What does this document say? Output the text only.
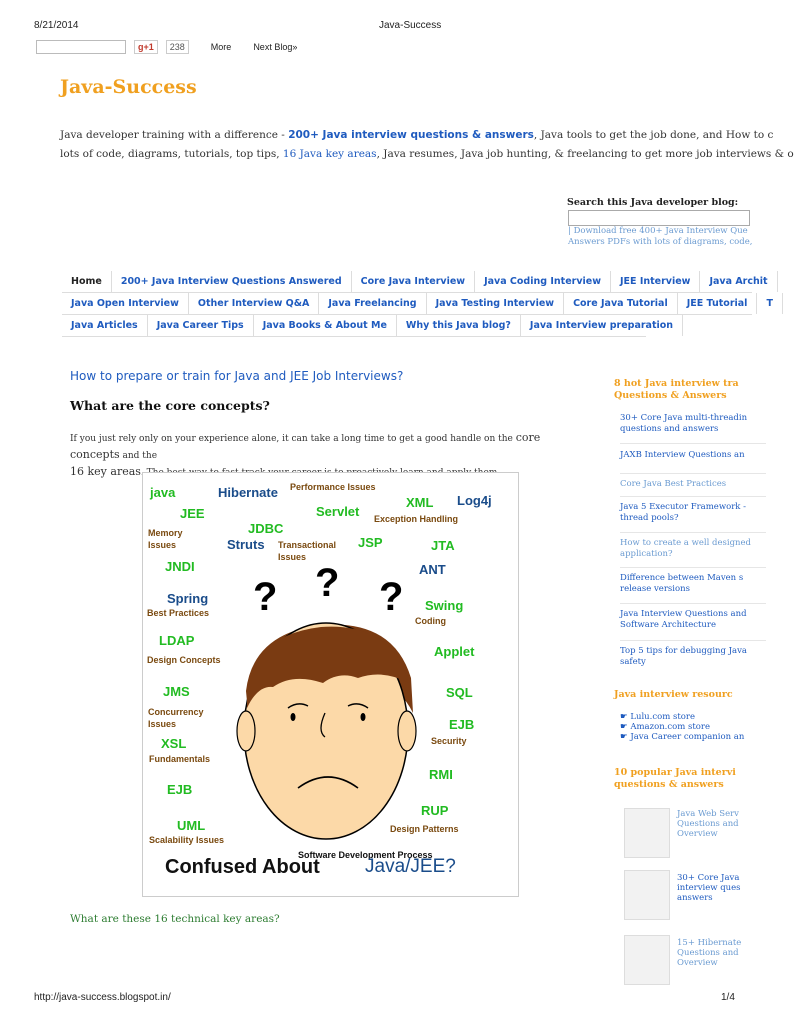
8/21/2014	Java-Success
g+1	238	More Next Blog»
Java-Success
Java developer training with a difference - 200+ Java interview questions & answers, Java tools to get the job done, and How to c
lots of code, diagrams, tutorials, top tips, 16 Java key areas, Java resumes, Java job hunting, & freelancing to get more job interviews & o
Search this Java developer blog:
| Download free 400+ Java Interview Que
Answers PDFs with lots of diagrams, code,
Home	200+ Java Interview Questions Answered	Core Java Interview	Java Coding Interview	JEE Interview	Java Archit
Java Open Interview	Other Interview Q&A	Java Freelancing	Java Testing Interview	Core Java Tutorial	JEE Tutorial	T
Java Articles	Java Career Tips	Java Books & About Me	Why this Java blog?	Java Interview preparation
How to prepare or train for Java and JEE Job Interviews?
What are the core concepts?
If you just rely only on your experience alone, it can take a long time to get a good handle on the core concepts and the
16 key areas
? ? ?
java	Hibernate Performance Issues
XML Log4j
JEE	Servlet Exception Handling
Memory
Issues
JDBC
Struts Transactional
Issues
JSP	JTA
JNDI	ANT
Spring
Best Practices	Swing
Coding
LDAP
Applet
Design Concepts
JMS	SQL
Concurrency
Issues	EJB
Security
XSL
Fundamentals
RMI
EJB
RUP
Design Patterns
UML
Scalability Issues
Software Development Process
Confused About Java/JEE?
What are these 16 technical key areas?
8 hot Java interview tra
Questions & Answers
30+ Core Java multi-threadin
questions and answers
JAXB Interview Questions an
Core Java Best Practices
Java 5 Executor Framework -
thread pools?
How to create a well designed
application?
Difference between Maven s
release versions
Java Interview Questions and
Software Architecture
Top 5 tips for debugging Java
safety
Java interview resourc
☛ Lulu.com store
☛ Amazon.com store
☛ Java Career companion an
10 popular Java intervi
questions & answers
Java Web Serv
Questions and
Overview
30+ Core Java
interview ques
answers
15+ Hibernate
Questions and
Overview
http://java-success.blogspot.in/	1/4
